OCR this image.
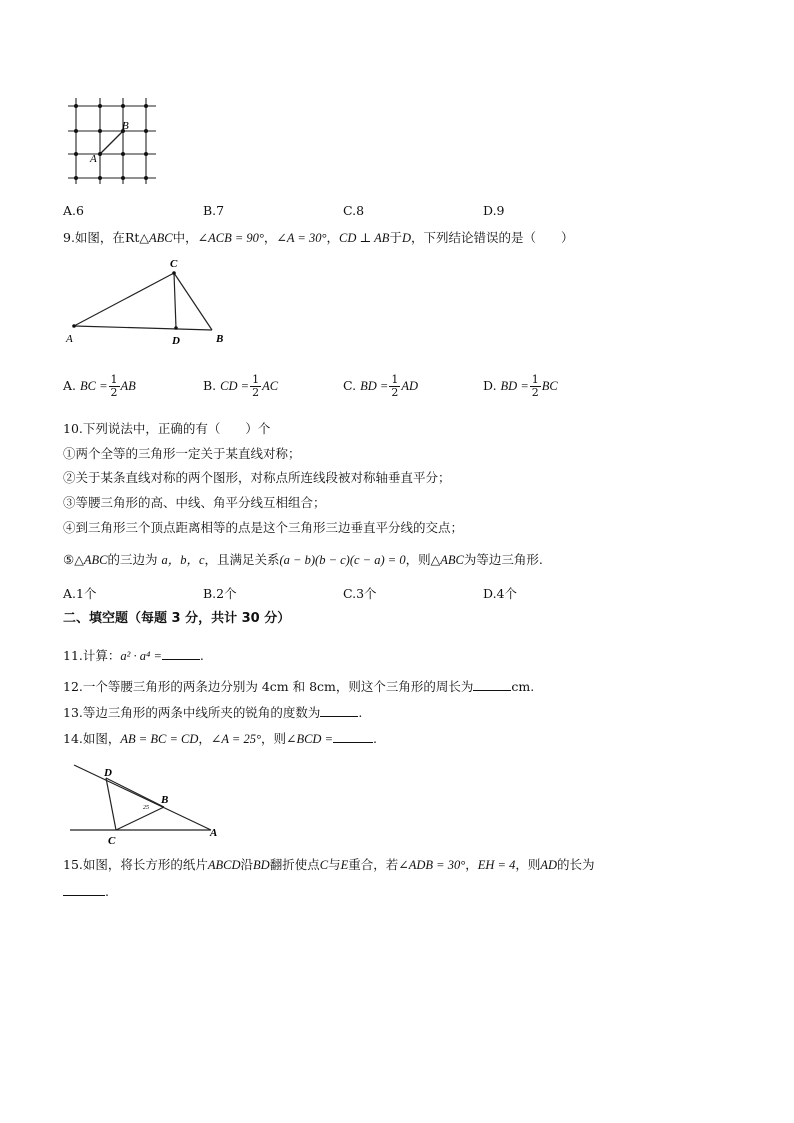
B
A
A.6	B.7	C.8	D.9
9.如图，在Rt△ABC中，∠ACB = 90°，∠A = 30°，CD ⊥ AB于D，下列结论错误的是（　　）
C
A	D	B
A. BC = $\frac{1}{2}$ AB	B. CD = $\frac{1}{2}$ AC	C. BD = $\frac{1}{2}$ AD	D. BD = $\frac{1}{2}$ BC
10.下列说法中，正确的有（　　）个
①两个全等的三角形一定关于某直线对称；
②关于某条直线对称的两个图形，对称点所连线段被对称轴垂直平分；
③等腰三角形的高、中线、角平分线互相组合；
④到三角形三个顶点距离相等的点是这个三角形三边垂直平分线的交点；
⑤△ABC的三边为 a，b，c，且满足关系(a − b)(b − c)(c − a) = 0，则△ABC为等边三角形.
A.1个	B.2个	C.3个	D.4个
二、填空题（每题 3 分，共计 30 分）
11.计算：a² · a⁴ =	.
12.一个等腰三角形的两条边分别为 4cm 和 8cm，则这个三角形的周长为	cm.
13.等边三角形的两条中线所夹的锐角的度数为	.
14.如图，AB = BC = CD，∠A = 25°，则∠BCD =	.
D
B
C
A
25
15.如图，将长方形的纸片ABCD沿BD翻折使点C与E重合，若∠ADB = 30°，EH = 4，则AD的长为
.
